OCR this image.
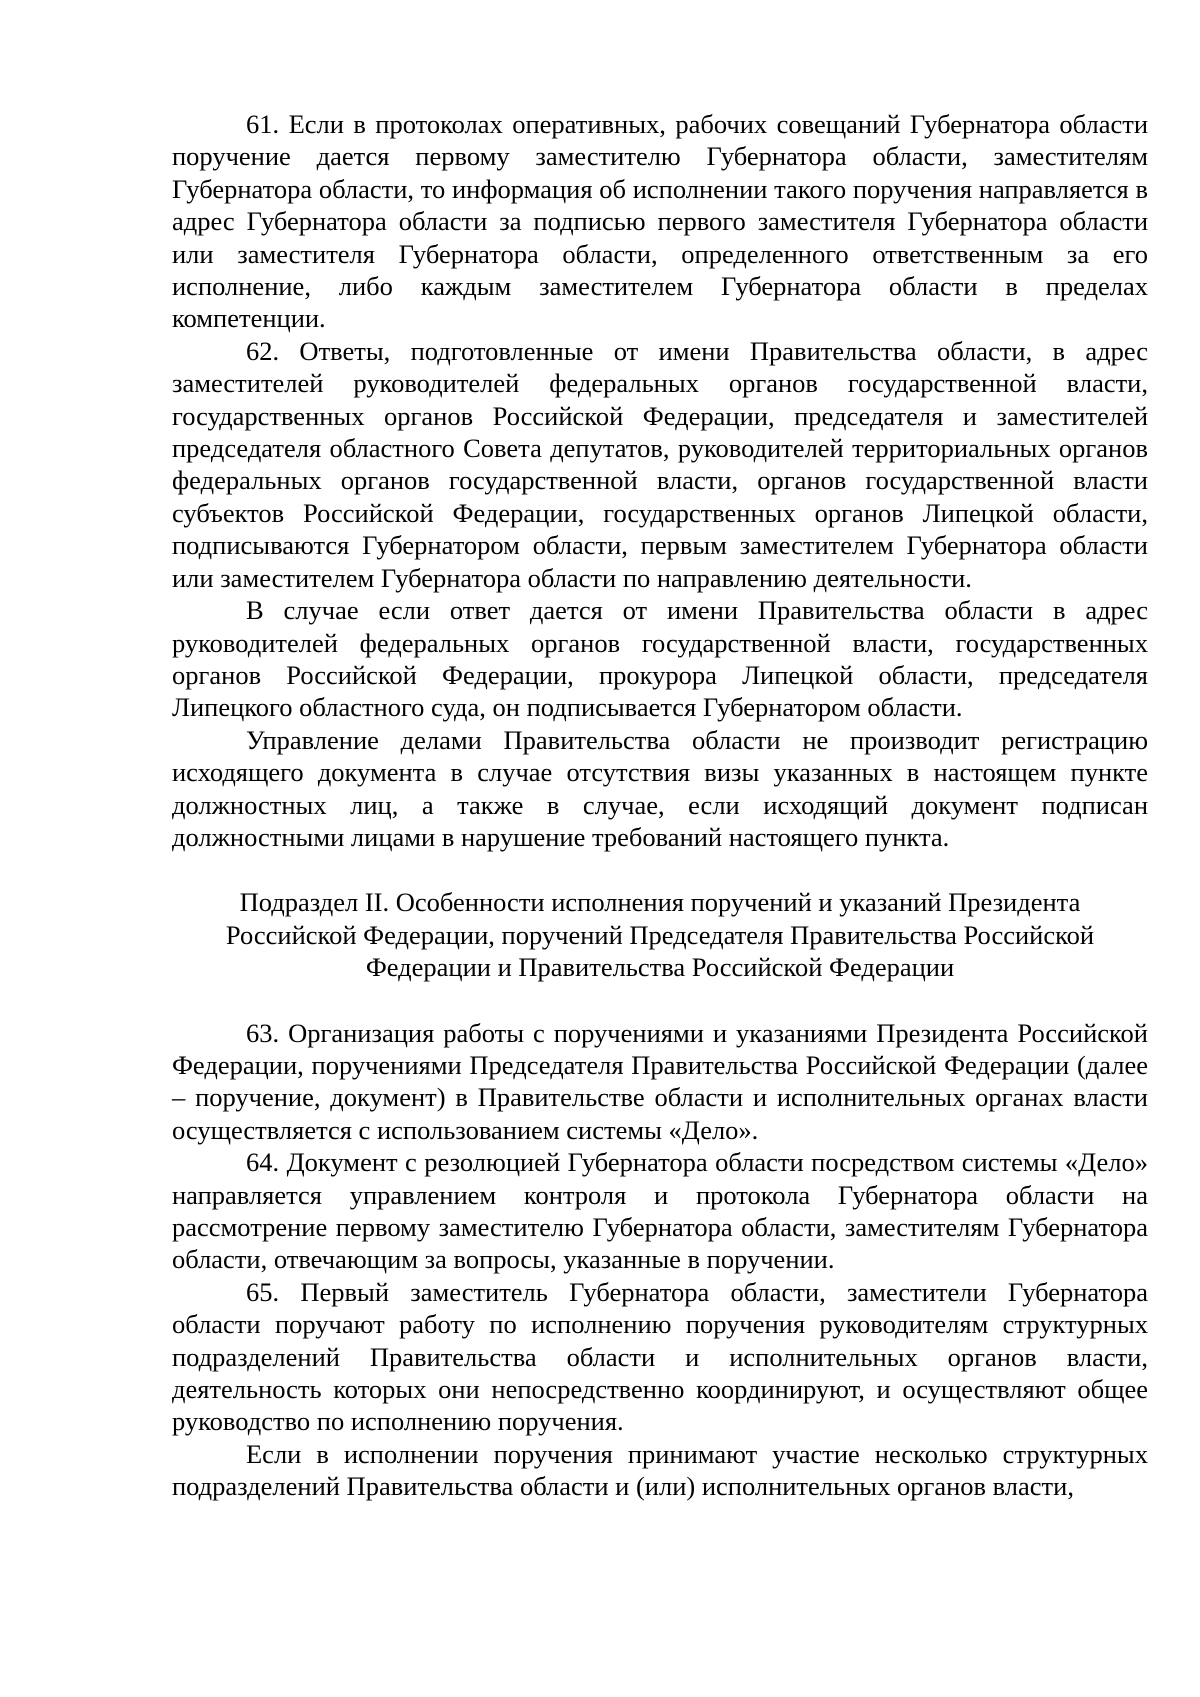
61. Если в протоколах оперативных, рабочих совещаний Губернатора области поручение дается первому заместителю Губернатора области, заместителям Губернатора области, то информация об исполнении такого поручения направляется в адрес Губернатора области за подписью первого заместителя Губернатора области или заместителя Губернатора области, определенного ответственным за его исполнение, либо каждым заместителем Губернатора области в пределах компетенции.

62. Ответы, подготовленные от имени Правительства области, в адрес заместителей руководителей федеральных органов государственной власти, государственных органов Российской Федерации, председателя и заместителей председателя областного Совета депутатов, руководителей территориальных органов федеральных органов государственной власти, органов государственной власти субъектов Российской Федерации, государственных органов Липецкой области, подписываются Губернатором области, первым заместителем Губернатора области или заместителем Губернатора области по направлению деятельности.

В случае если ответ дается от имени Правительства области в адрес руководителей федеральных органов государственной власти, государственных органов Российской Федерации, прокурора Липецкой области, председателя Липецкого областного суда, он подписывается Губернатором области.

Управление делами Правительства области не производит регистрацию исходящего документа в случае отсутствия визы указанных в настоящем пункте должностных лиц, а также в случае, если исходящий документ подписан должностными лицами в нарушение требований настоящего пункта.

Подраздел II. Особенности исполнения поручений и указаний Президента Российской Федерации, поручений Председателя Правительства Российской Федерации и Правительства Российской Федерации

63. Организация работы с поручениями и указаниями Президента Российской Федерации, поручениями Председателя Правительства Российской Федерации (далее – поручение, документ) в Правительстве области и исполнительных органах власти осуществляется с использованием системы «Дело».

64. Документ с резолюцией Губернатора области посредством системы «Дело» направляется управлением контроля и протокола Губернатора области на рассмотрение первому заместителю Губернатора области, заместителям Губернатора области, отвечающим за вопросы, указанные в поручении.

65. Первый заместитель Губернатора области, заместители Губернатора области поручают работу по исполнению поручения руководителям структурных подразделений Правительства области и исполнительных органов власти, деятельность которых они непосредственно координируют, и осуществляют общее руководство по исполнению поручения.

Если в исполнении поручения принимают участие несколько структурных подразделений Правительства области и (или) исполнительных органов власти,
